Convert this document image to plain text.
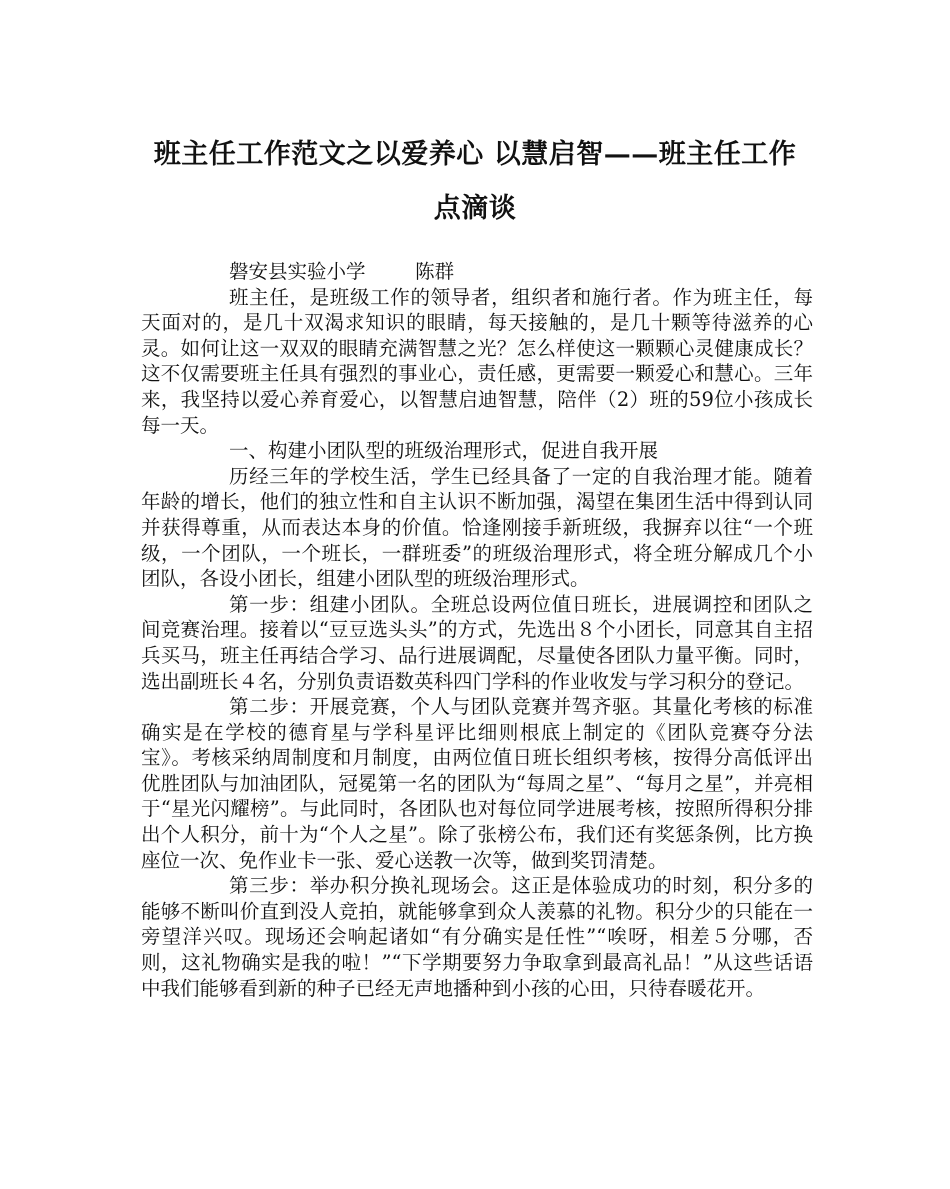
班主任工作范文之以爱养心 以慧启智——班主任工作
点滴谈

磐安县实验小学        陈群

班主任，是班级工作的领导者，组织者和施行者。作为班主任，每天面对的，是几十双渴求知识的眼睛，每天接触的，是几十颗等待滋养的心灵。如何让这一双双的眼睛充满智慧之光？怎么样使这一颗颗心灵健康成长？这不仅需要班主任具有强烈的事业心，责任感，更需要一颗爱心和慧心。三年来，我坚持以爱心养育爱心，以智慧启迪智慧，陪伴（2）班的59位小孩成长每一天。

一、构建小团队型的班级治理形式，促进自我开展

历经三年的学校生活，学生已经具备了一定的自我治理才能。随着年龄的增长，他们的独立性和自主认识不断加强，渴望在集团生活中得到认同并获得尊重，从而表达本身的价值。恰逢刚接手新班级，我摒弃以往“一个班级，一个团队，一个班长，一群班委”的班级治理形式，将全班分解成几个小团队，各设小团长，组建小团队型的班级治理形式。

第一步：组建小团队。全班总设两位值日班长，进展调控和团队之间竞赛治理。接着以“豆豆选头头”的方式，先选出８个小团长，同意其自主招兵买马，班主任再结合学习、品行进展调配，尽量使各团队力量平衡。同时，选出副班长４名，分别负责语数英科四门学科的作业收发与学习积分的登记。

第二步：开展竞赛，个人与团队竞赛并驾齐驱。其量化考核的标准确实是在学校的德育星与学科星评比细则根底上制定的《团队竞赛夺分法宝》。考核采纳周制度和月制度，由两位值日班长组织考核，按得分高低评出优胜团队与加油团队，冠冕第一名的团队为“每周之星”、“每月之星”，并亮相于“星光闪耀榜”。与此同时，各团队也对每位同学进展考核，按照所得积分排出个人积分，前十为“个人之星”。除了张榜公布，我们还有奖惩条例，比方换座位一次、免作业卡一张、爱心送教一次等，做到奖罚清楚。

第三步：举办积分换礼现场会。这正是体验成功的时刻，积分多的能够不断叫价直到没人竞拍，就能够拿到众人羡慕的礼物。积分少的只能在一旁望洋兴叹。现场还会响起诸如“有分确实是任性”“唉呀，相差５分哪，否则，这礼物确实是我的啦！”“下学期要努力争取拿到最高礼品！”从这些话语中我们能够看到新的种子已经无声地播种到小孩的心田，只待春暖花开。
